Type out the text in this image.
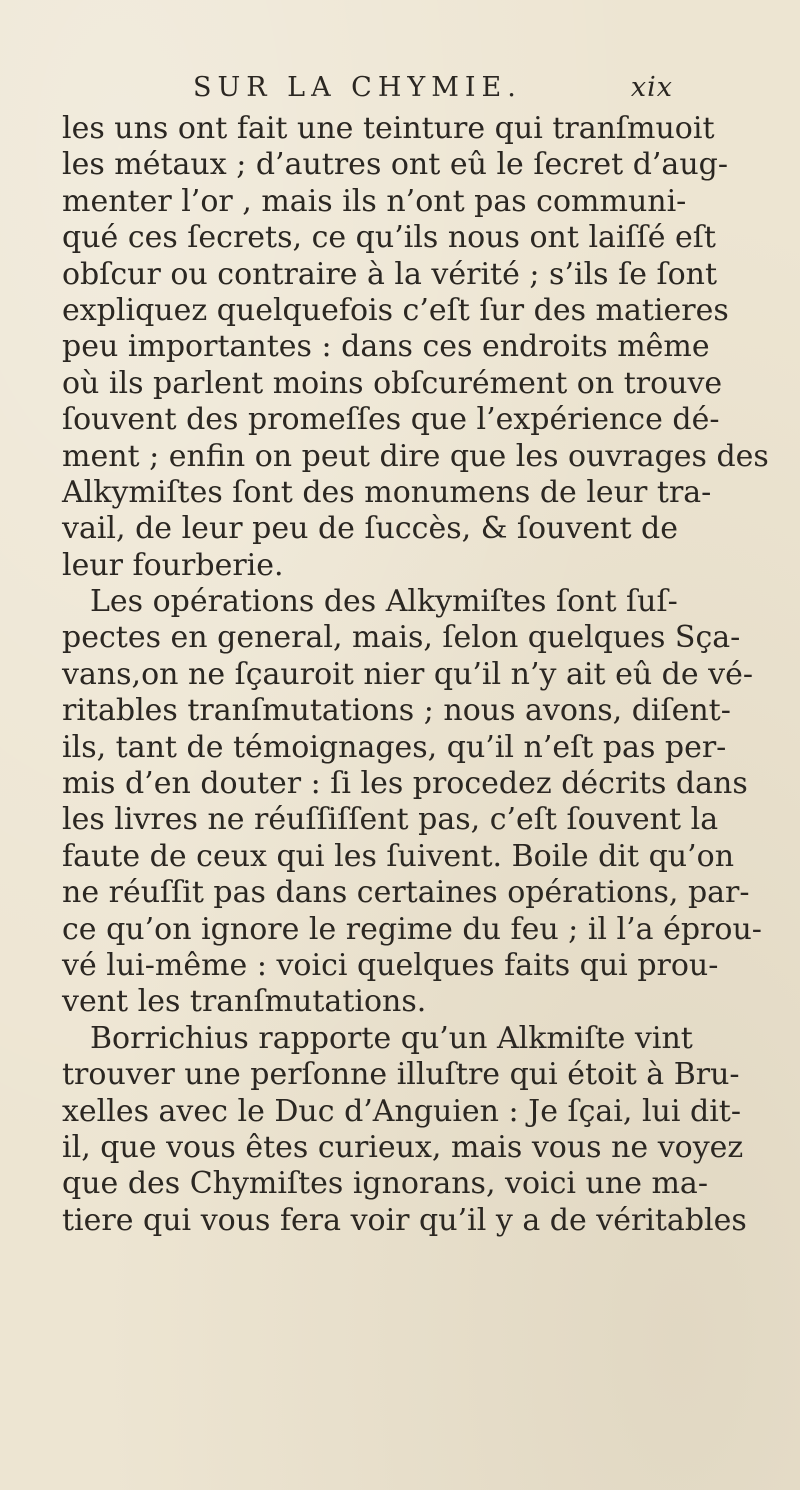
SUR LA CHYMIE.	xix
les uns ont fait une teinture qui tranſmuoit
les métaux ; d’autres ont eû le ſecret d’aug-
menter l’or , mais ils n’ont pas communi-
qué ces ſecrets, ce qu’ils nous ont laiſſé eſt
obſcur ou contraire à la vérité ; s’ils ſe ſont
expliquez quelquefois c’eſt ſur des matieres
peu importantes : dans ces endroits même
où ils parlent moins obſcurément on trouve
ſouvent des promeſſes que l’expérience dé-
ment ; enfin on peut dire que les ouvrages des
Alkymiſtes ſont des monumens de leur tra-
vail, de leur peu de ſuccès, & ſouvent de
leur fourberie.
Les opérations des Alkymiſtes ſont ſuſ-
pectes en general, mais, ſelon quelques Sça-
vans,on ne ſçauroit nier qu’il n’y ait eû de vé-
ritables tranſmutations ; nous avons, diſent-
ils, tant de témoignages, qu’il n’eſt pas per-
mis d’en douter : ſi les procedez décrits dans
les livres ne réuſſiſſent pas, c’eſt ſouvent la
faute de ceux qui les ſuivent. Boile dit qu’on
ne réuſſit pas dans certaines opérations, par-
ce qu’on ignore le regime du feu ; il l’a éprou-
vé lui-même : voici quelques faits qui prou-
vent les tranſmutations.
Borrichius rapporte qu’un Alkmiſte vint
trouver une perſonne illuſtre qui étoit à Bru-
xelles avec le Duc d’Anguien : Je ſçai, lui dit-
il, que vous êtes curieux, mais vous ne voyez
que des Chymiſtes ignorans, voici une ma-
tiere qui vous fera voir qu’il y a de véritables
